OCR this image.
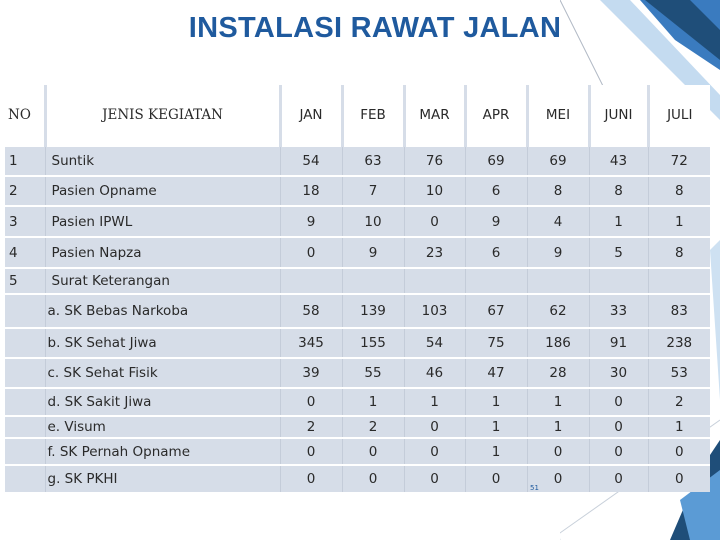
INSTALASI RAWAT JALAN
NO	JENIS KEGIATAN	JAN	FEB	MAR	APR	MEI	JUNI	JULI
1	Suntik	54	63	76	69	69	43	72
2	Pasien Opname	18	7	10	6	8	8	8
3	Pasien IPWL	9	10	0	9	4	1	1
4	Pasien Napza	0	9	23	6	9	5	8
5	Surat Keterangan							
	a. SK Bebas Narkoba	58	139	103	67	62	33	83
	b. SK Sehat Jiwa	345	155	54	75	186	91	238
	c. SK Sehat Fisik	39	55	46	47	28	30	53
	d. SK Sakit Jiwa	0	1	1	1	1	0	2
	e. Visum	2	2	0	1	1	0	1
	f. SK Pernah Opname	0	0	0	1	0	0	0
	g. SK PKHI	0	0	0	0	0	0	0
51
